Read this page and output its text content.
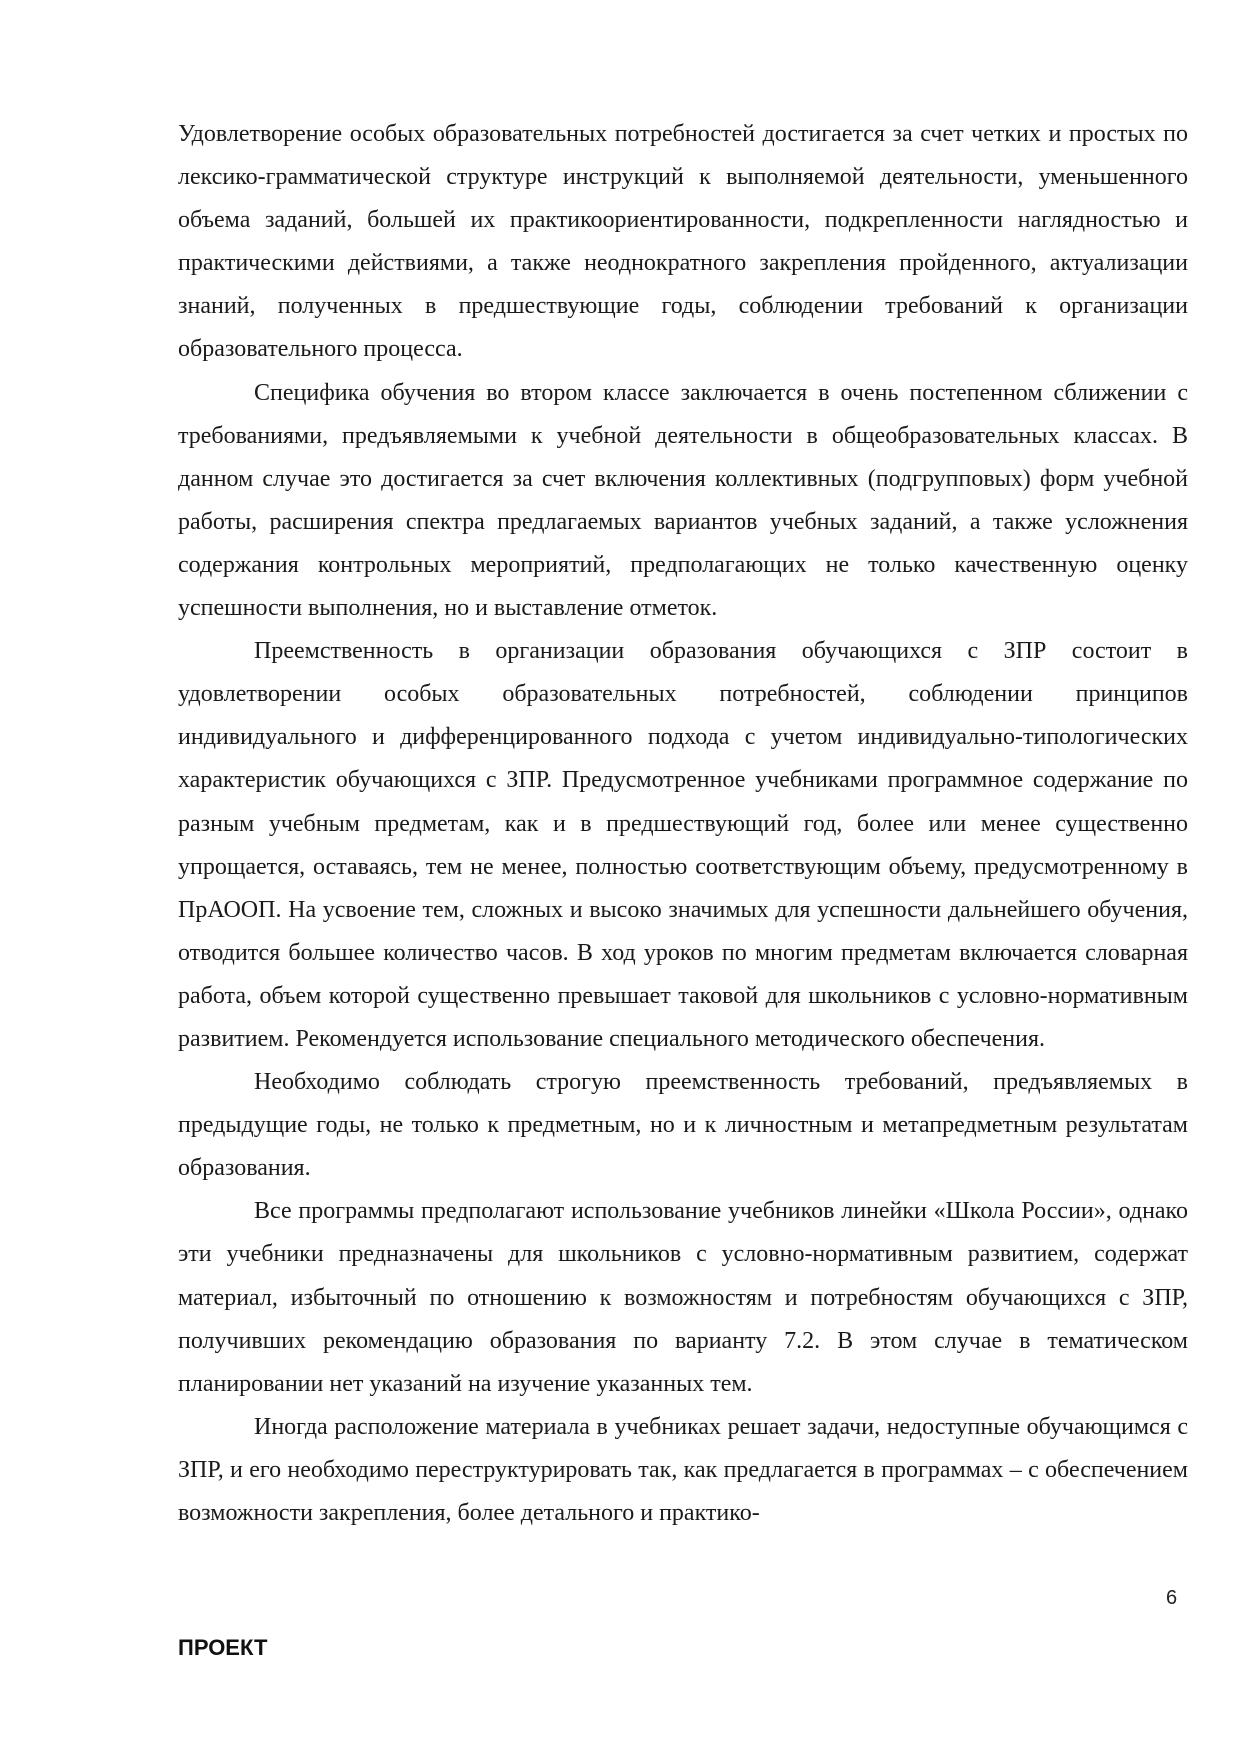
Удовлетворение особых образовательных потребностей достигается за счет четких и простых по лексико-грамматической структуре инструкций к выполняемой деятельности, уменьшенного объема заданий, большей их практикоориентированности, подкрепленности наглядностью и практическими действиями, а также неоднократного закрепления пройденного, актуализации знаний, полученных в предшествующие годы, соблюдении требований к организации образовательного процесса.

Специфика обучения во втором классе заключается в очень постепенном сближении с требованиями, предъявляемыми к учебной деятельности в общеобразовательных классах. В данном случае это достигается за счет включения коллективных (подгрупповых) форм учебной работы, расширения спектра предлагаемых вариантов учебных заданий, а также усложнения содержания контрольных мероприятий, предполагающих не только качественную оценку успешности выполнения, но и выставление отметок.

Преемственность в организации образования обучающихся с ЗПР состоит в удовлетворении особых образовательных потребностей, соблюдении принципов индивидуального и дифференцированного подхода с учетом индивидуально-типологических характеристик обучающихся с ЗПР. Предусмотренное учебниками программное содержание по разным учебным предметам, как и в предшествующий год, более или менее существенно упрощается, оставаясь, тем не менее, полностью соответствующим объему, предусмотренному в ПрАООП. На усвоение тем, сложных и высоко значимых для успешности дальнейшего обучения, отводится большее количество часов. В ход уроков по многим предметам включается словарная работа, объем которой существенно превышает таковой для школьников с условно-нормативным развитием. Рекомендуется использование специального методического обеспечения.

Необходимо соблюдать строгую преемственность требований, предъявляемых в предыдущие годы, не только к предметным, но и к личностным и метапредметным результатам образования.

Все программы предполагают использование учебников линейки «Школа России», однако эти учебники предназначены для школьников с условно-нормативным развитием, содержат материал, избыточный по отношению к возможностям и потребностям обучающихся с ЗПР, получивших рекомендацию образования по варианту 7.2. В этом случае в тематическом планировании нет указаний на изучение указанных тем.

Иногда расположение материала в учебниках решает задачи, недоступные обучающимся с ЗПР, и его необходимо переструктурировать так, как предлагается в программах – с обеспечением возможности закрепления, более детального и практико-

6
ПРОЕКТ
